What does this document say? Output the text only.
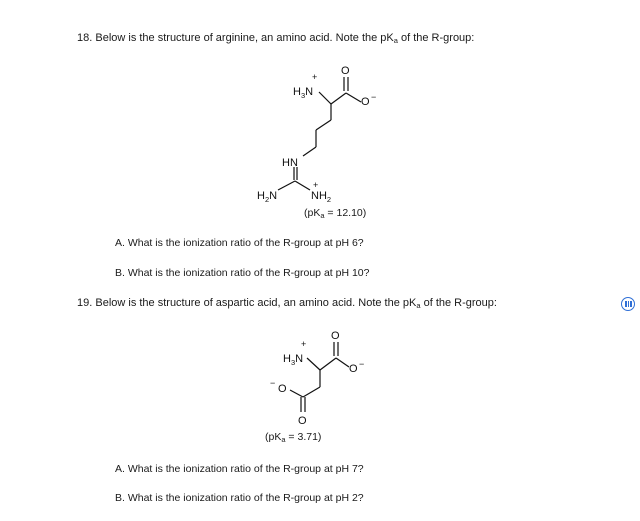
18. Below is the structure of arginine, an amino acid. Note the $pK_a$ of the R-group:
$H_3N$
+ O
O −
HN
$H_2N$	$NH_2$
+
$(pK_a = 12.10)$
A. What is the ionization ratio of the R-group at pH 6?
B. What is the ionization ratio of the R-group at pH 10?
19. Below is the structure of aspartic acid, an amino acid. Note the $pK_a$ of the R-group:
$H_3N$
+
O
O −
O
−
O
$(pK_a = 3.71)$
A. What is the ionization ratio of the R-group at pH 7?
B. What is the ionization ratio of the R-group at pH 2?
